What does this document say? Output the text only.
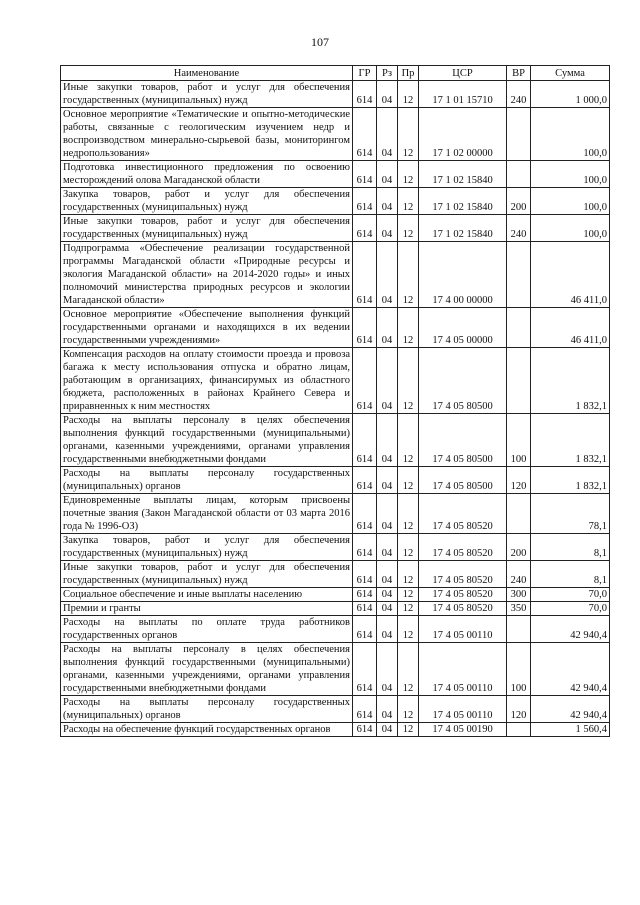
107
Наименование	ГР	Рз	Пр	ЦСР	ВР	Сумма
Иные закупки товаров, работ и услуг для обеспечения государственных (муниципальных) нужд	614	04	12	17 1 01 15710	240	1 000,0
Основное мероприятие «Тематические и опытно-методические работы, связанные с геологическим изучением недр и воспроизводством минерально-сырьевой базы, мониторингом недропользования»	614	04	12	17 1 02 00000		100,0
Подготовка инвестиционного предложения по освоению месторождений олова Магаданской области	614	04	12	17 1 02 15840		100,0
Закупка товаров, работ и услуг для обеспечения государственных (муниципальных) нужд	614	04	12	17 1 02 15840	200	100,0
Иные закупки товаров, работ и услуг для обеспечения государственных (муниципальных) нужд	614	04	12	17 1 02 15840	240	100,0
Подпрограмма «Обеспечение реализации государственной программы Магаданской области «Природные ресурсы и экология Магаданской области» на 2014-2020 годы» и иных полномочий министерства природных ресурсов и экологии Магаданской области»	614	04	12	17 4 00 00000		46 411,0
Основное мероприятие «Обеспечение выполнения функций государственными органами и находящихся в их ведении государственными учреждениями»	614	04	12	17 4 05 00000		46 411,0
Компенсация расходов на оплату стоимости проезда и провоза багажа к месту использования отпуска и обратно лицам, работающим в организациях, финансирумых из областного бюджета, расположенных в районах Крайнего Севера и приравненных к ним местностях	614	04	12	17 4 05 80500		1 832,1
Расходы на выплаты персоналу в целях обеспечения выполнения функций государственными (муниципальными) органами, казенными учреждениями, органами управления государственными внебюджетными фондами	614	04	12	17 4 05 80500	100	1 832,1
Расходы на выплаты персоналу государственных (муниципальных) органов	614	04	12	17 4 05 80500	120	1 832,1
Единовременные выплаты лицам, которым присвоены почетные звания (Закон Магаданской области от 03 марта 2016 года № 1996-ОЗ)	614	04	12	17 4 05 80520		78,1
Закупка товаров, работ и услуг для обеспечения государственных (муниципальных) нужд	614	04	12	17 4 05 80520	200	8,1
Иные закупки товаров, работ и услуг для обеспечения государственных (муниципальных) нужд	614	04	12	17 4 05 80520	240	8,1
Социальное обеспечение и иные выплаты населению	614	04	12	17 4 05 80520	300	70,0
Премии и гранты	614	04	12	17 4 05 80520	350	70,0
Расходы на выплаты по оплате труда работников государственных органов	614	04	12	17 4 05 00110		42 940,4
Расходы на выплаты персоналу в целях обеспечения выполнения функций государственными (муниципальными) органами, казенными учреждениями, органами управления государственными внебюджетными фондами	614	04	12	17 4 05 00110	100	42 940,4
Расходы на выплаты персоналу государственных (муниципальных) органов	614	04	12	17 4 05 00110	120	42 940,4
Расходы на обеспечение функций государственных органов	614	04	12	17 4 05 00190		1 560,4
